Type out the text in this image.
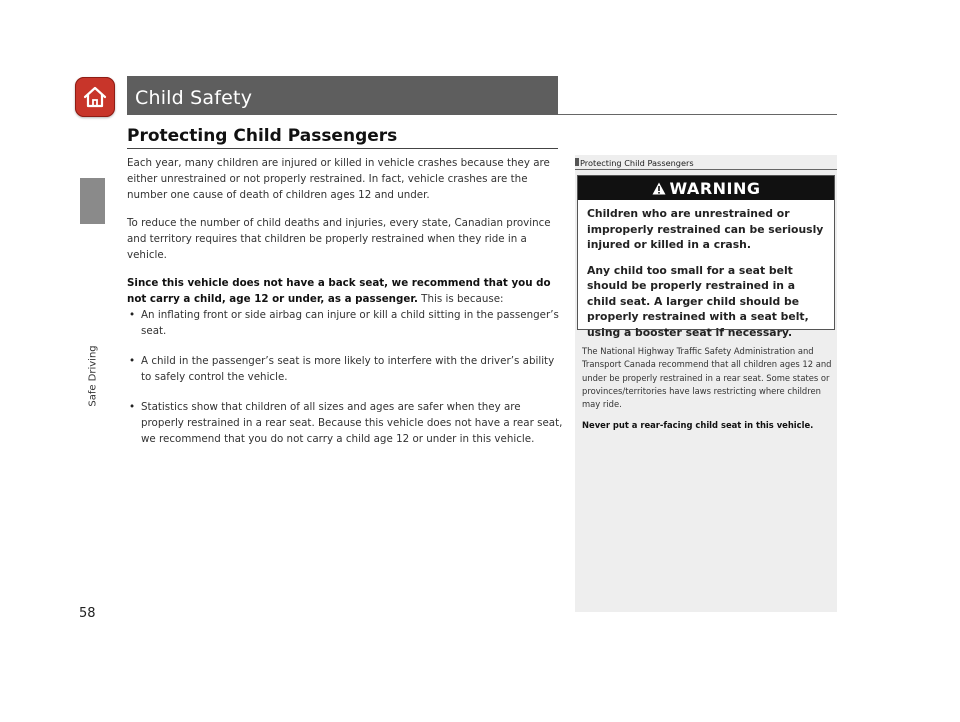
Safe Driving
58
Child Safety
Protecting Child Passengers

Each year, many children are injured or killed in vehicle crashes because they are either unrestrained or not properly restrained. In fact, vehicle crashes are the number one cause of death of children ages 12 and under.

To reduce the number of child deaths and injuries, every state, Canadian province and territory requires that children be properly restrained when they ride in a vehicle.

Since this vehicle does not have a back seat, we recommend that you do not carry a child, age 12 or under, as a passenger. This is because:

• An inflating front or side airbag can injure or kill a child sitting in the passenger’s seat.
• A child in the passenger’s seat is more likely to interfere with the driver’s ability to safely control the vehicle.
• Statistics show that children of all sizes and ages are safer when they are properly restrained in a rear seat. Because this vehicle does not have a rear seat, we recommend that you do not carry a child age 12 or under in this vehicle.
Protecting Child Passengers
WARNING

Children who are unrestrained or improperly restrained can be seriously injured or killed in a crash.

Any child too small for a seat belt should be properly restrained in a child seat. A larger child should be properly restrained with a seat belt, using a booster seat if necessary.

The National Highway Traffic Safety Administration and Transport Canada recommend that all children ages 12 and under be properly restrained in a rear seat. Some states or provinces/territories have laws restricting where children may ride.

Never put a rear-facing child seat in this vehicle.
